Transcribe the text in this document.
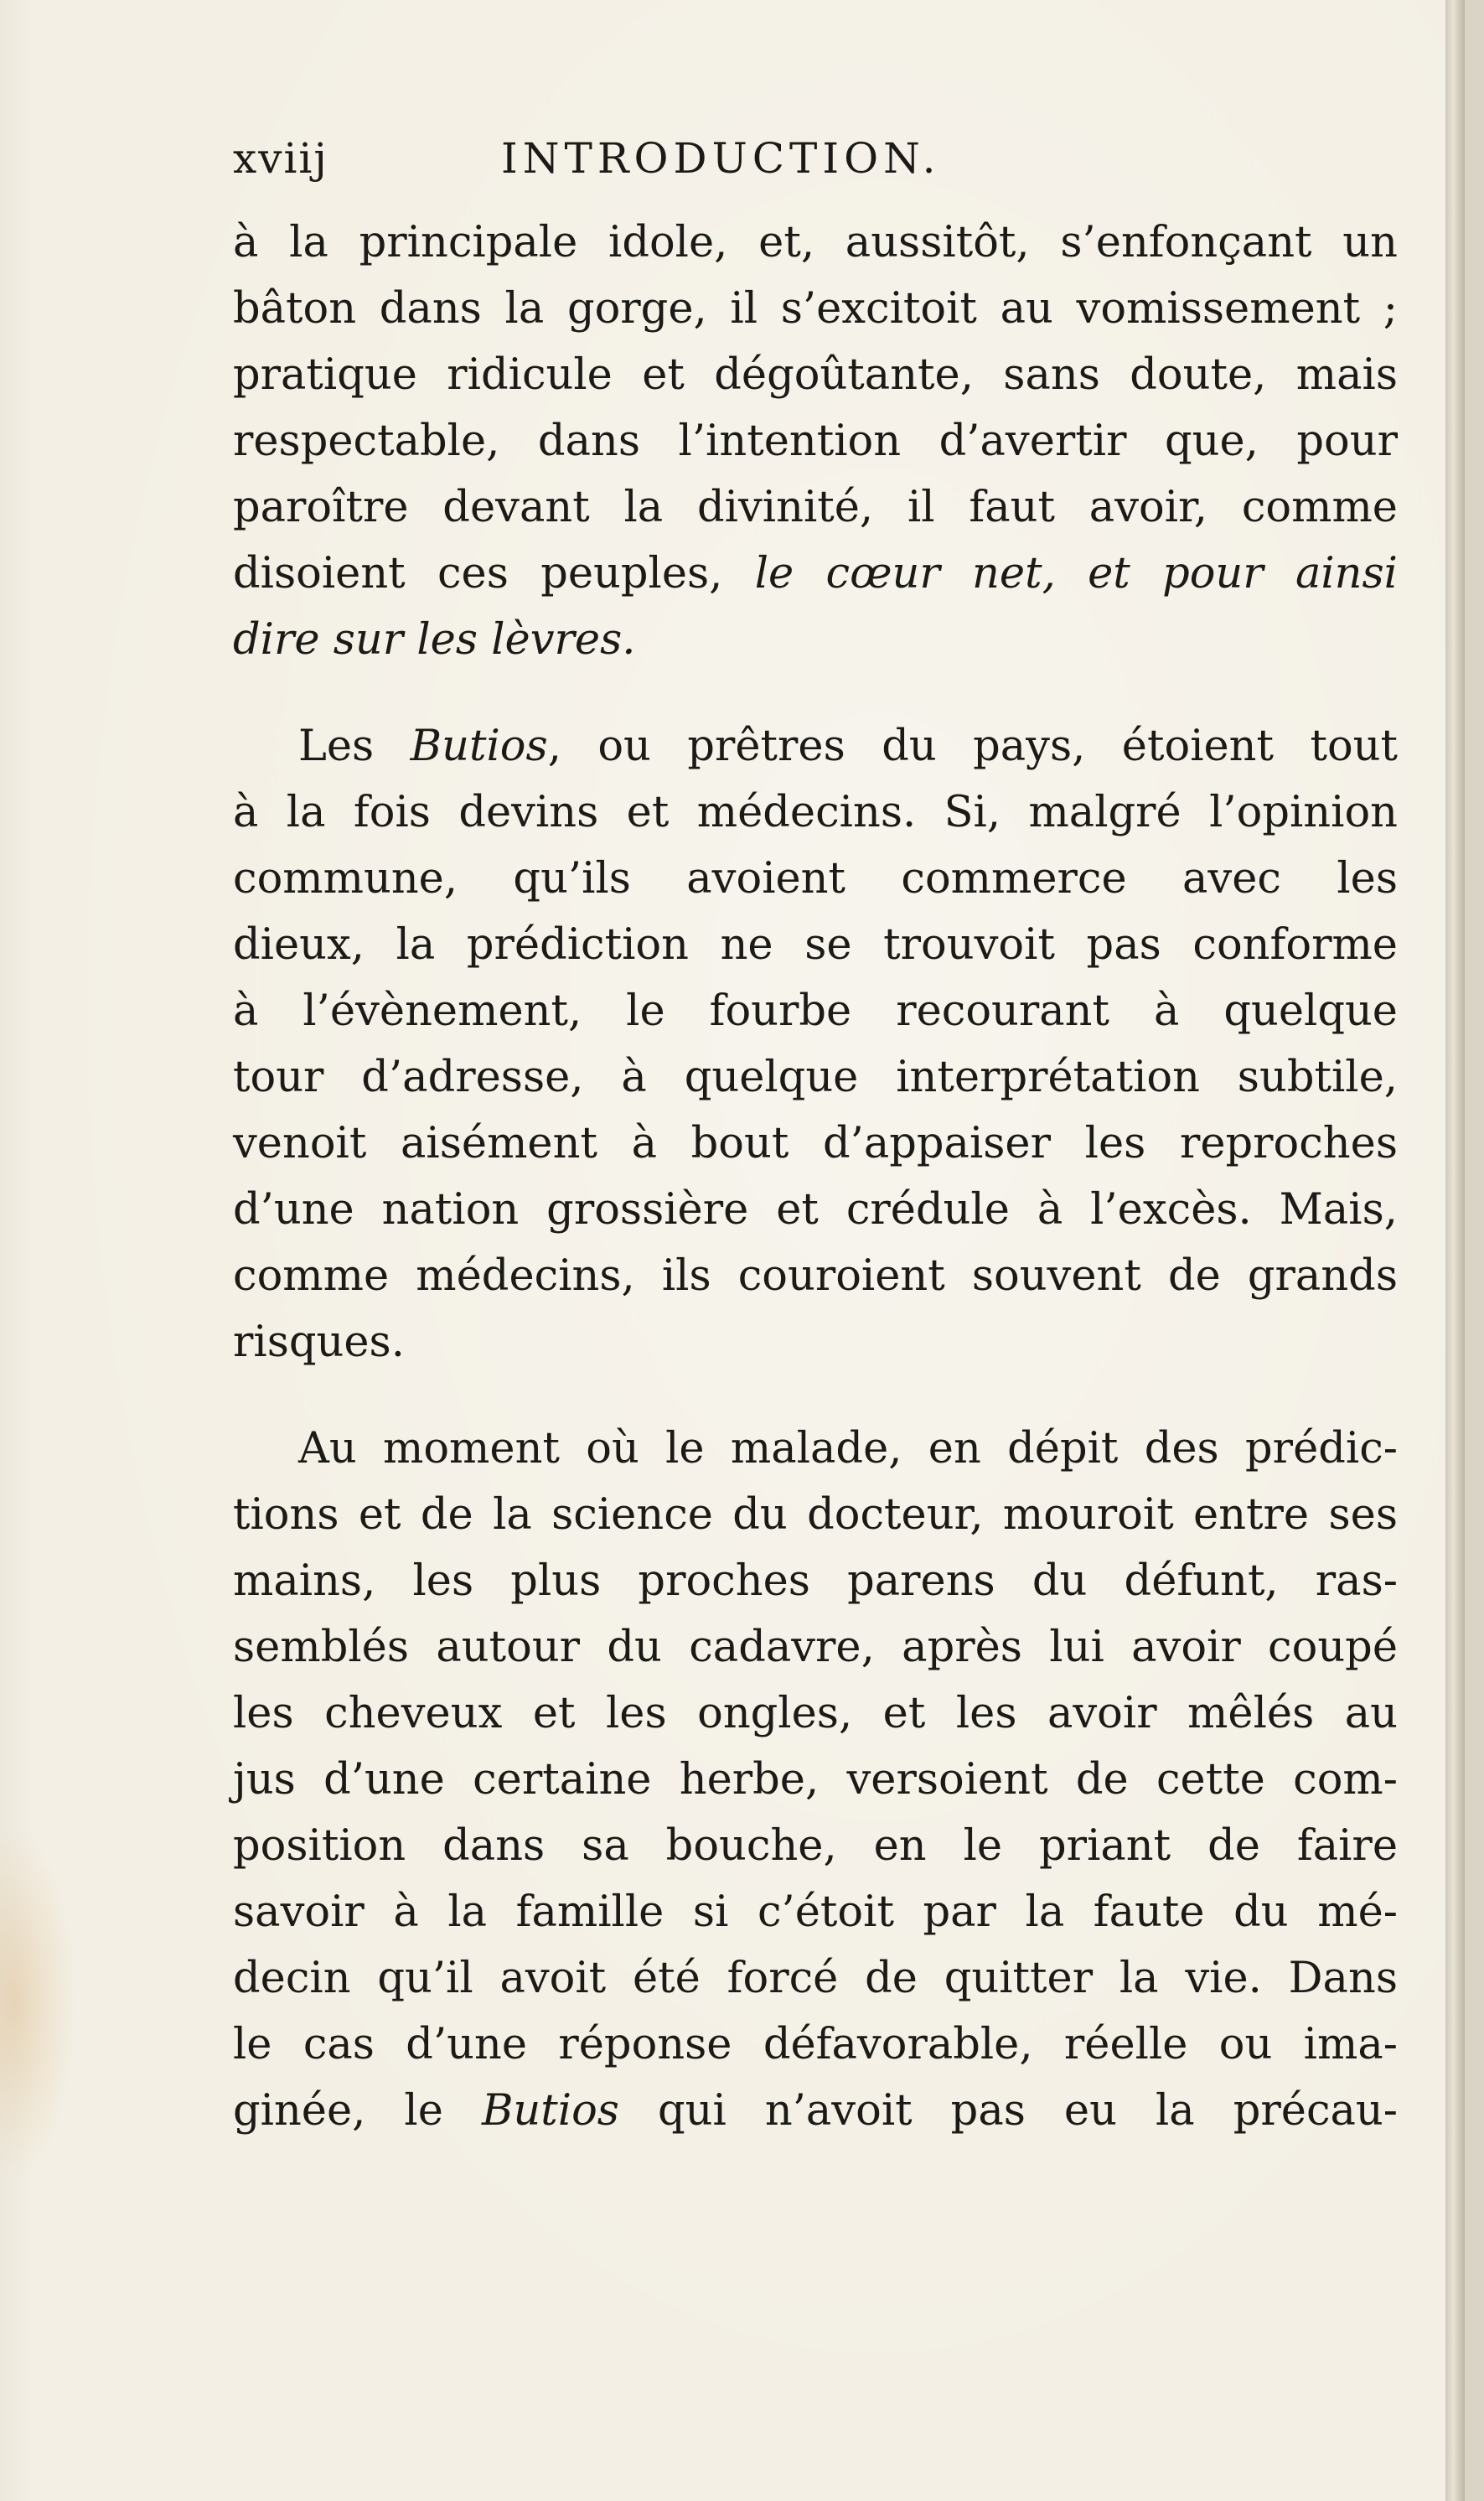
xviij	INTRODUCTION.
à la principale idole, et, aussitôt, s’enfonçant un
bâton dans la gorge, il s’excitoit au vomissement ;
pratique ridicule et dégoûtante, sans doute, mais
respectable, dans l’intention d’avertir que, pour
paroître devant la divinité, il faut avoir, comme
disoient ces peuples, le cœur net, et pour ainsi
dire sur les lèvres.
Les Butios, ou prêtres du pays, étoient tout
à la fois devins et médecins. Si, malgré l’opinion
commune, qu’ils avoient commerce avec les
dieux, la prédiction ne se trouvoit pas conforme
à l’évènement, le fourbe recourant à quelque
tour d’adresse, à quelque interprétation subtile,
venoit aisément à bout d’appaiser les reproches
d’une nation grossière et crédule à l’excès. Mais,
comme médecins, ils couroient souvent de grands
risques.
Au moment où le malade, en dépit des prédic-
tions et de la science du docteur, mouroit entre ses
mains, les plus proches parens du défunt, ras-
semblés autour du cadavre, après lui avoir coupé
les cheveux et les ongles, et les avoir mêlés au
jus d’une certaine herbe, versoient de cette com-
position dans sa bouche, en le priant de faire
savoir à la famille si c’étoit par la faute du mé-
decin qu’il avoit été forcé de quitter la vie. Dans
le cas d’une réponse défavorable, réelle ou ima-
ginée, le Butios qui n’avoit pas eu la précau-
